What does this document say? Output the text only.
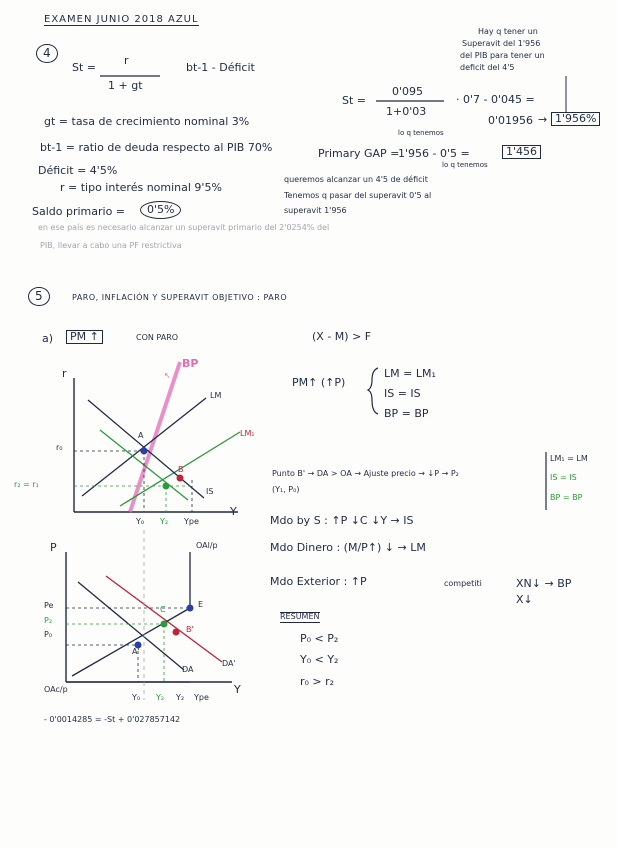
EXAMEN JUNIO 2018 AZUL
4
Hay q tener un
Superavit del 1'956
del PIB para tener un
deficit del 4'5
St =
r
1 + gt
bt-1 - Déficit
St =
0'095
1+0'03
· 0'7 - 0'045 =
0'01956 → 1'956%
gt = tasa de crecimiento nominal 3%
bt-1 = ratio de deuda respecto al PIB 70%
Déficit = 4'5%
r = tipo interés nominal 9'5%
Saldo primario =	0'5%
lo q tenemos
Primary GAP =
1'956 - 0'5 =	1'456
lo q tenemos
queremos alcanzar un 4'5 de déficit
Tenemos q pasar del superavit 0'5 al
superavit 1'956
en ese país es necesario alcanzar un superavit primario del 2'0254% del
PIB, llevar a cabo una PF restrictiva
5	PARO, INFLACIÓN Y SUPERAVIT OBJETIVO : PARO
a)	PM ↑	CON PARO	(X - M) > F
PM↑ (↑P)
LM = LM₁
IS = IS
BP = BP
Punto B' → DA > OA → Ajuste precio → ↓P → P₂
(Y₁, P₀)
LM₁ = LM
IS = IS
BP = BP
Mdo by S : ↑P ↓C ↓Y → IS
Mdo Dinero : (M/P↑) ↓ → LM
Mdo Exterior : ↑P	competiti	XN↓ → BP
X↓
RESUMEN
P₀ < P₂
Y₀ < Y₂
r₀ > r₂
- 0'0014285 = -St + 0'027857142
r
Y
r₀
r₂ = r₁
BP
↖
LM
LM₁
IS
A
B
Y₀ Y₂ Ype
P
Y
OAl/p
OAc/p
Pe
P₂
P₀
E
C
A'
B'
DA
DA'
Y₀ Y₂ Y₂ Ype
